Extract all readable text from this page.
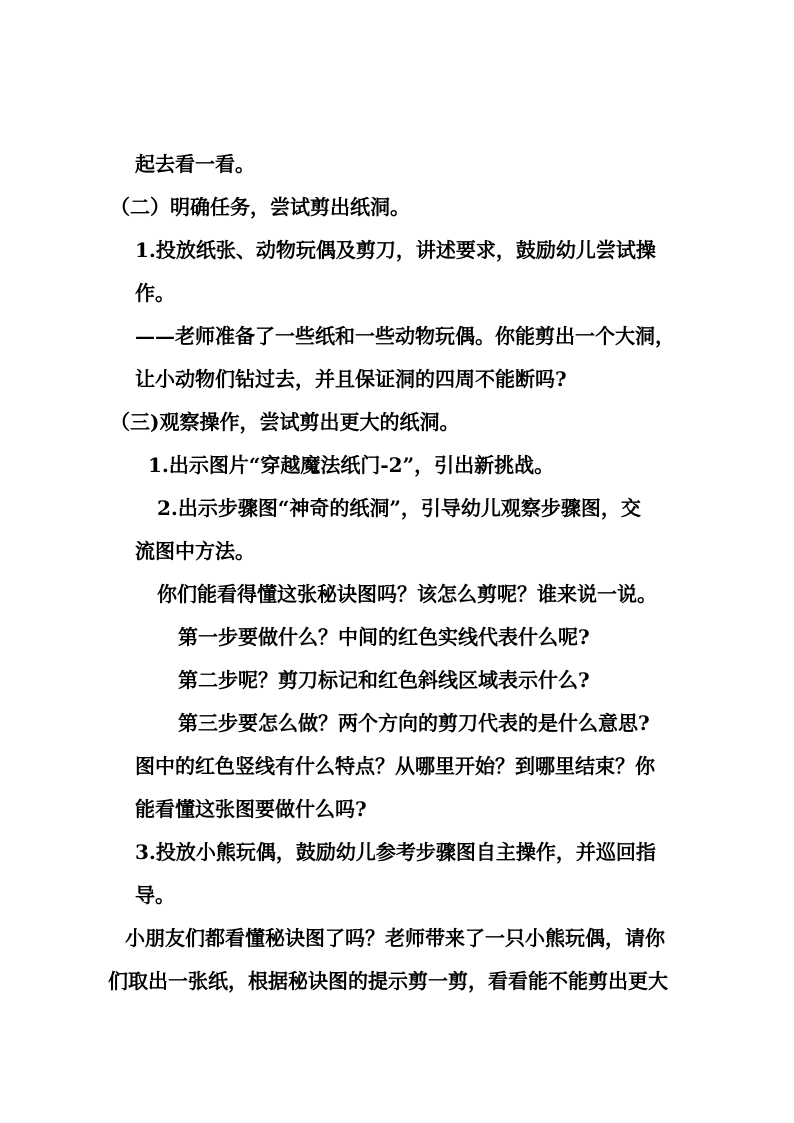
起去看一看。
（二）明确任务，尝试剪出纸洞。
1.投放纸张、动物玩偶及剪刀，讲述要求，鼓励幼儿尝试操
作。
——老师准备了一些纸和一些动物玩偶。你能剪出一个大洞，
让小动物们钻过去，并且保证洞的四周不能断吗?
（三)观察操作，尝试剪出更大的纸洞。
1.出示图片“穿越魔法纸门-2”，引出新挑战。
2.出示步骤图“神奇的纸洞”，引导幼儿观察步骤图，交
流图中方法。
你们能看得懂这张秘诀图吗？该怎么剪呢？谁来说一说。
第一步要做什么？中间的红色实线代表什么呢?
第二步呢？剪刀标记和红色斜线区域表示什么?
第三步要怎么做？两个方向的剪刀代表的是什么意思?
图中的红色竖线有什么特点？从哪里开始？到哪里结束？你
能看懂这张图要做什么吗?
3.投放小熊玩偶，鼓励幼儿参考步骤图自主操作，并巡回指
导。
小朋友们都看懂秘诀图了吗？老师带来了一只小熊玩偶，请你
们取出一张纸，根据秘诀图的提示剪一剪，看看能不能剪出更大
